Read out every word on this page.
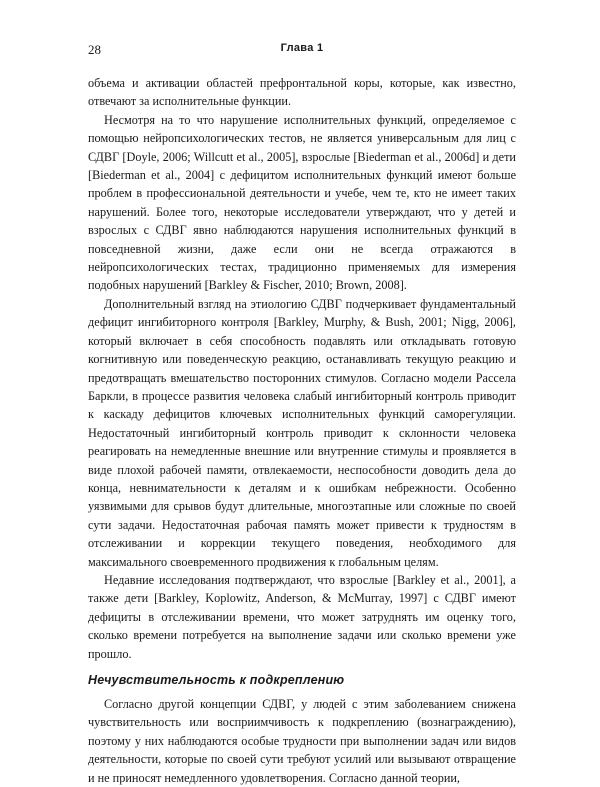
28	Глава 1

объема и активации областей префронтальной коры, которые, как известно, отвечают за исполнительные функции.

Несмотря на то что нарушение исполнительных функций, определяемое с помощью нейропсихологических тестов, не является универсальным для лиц с СДВГ [Doyle, 2006; Willcutt et al., 2005], взрослые [Biederman et al., 2006d] и дети [Biederman et al., 2004] с дефицитом исполнительных функций имеют больше проблем в профессиональной деятельности и учебе, чем те, кто не имеет таких нарушений. Более того, некоторые исследователи утверждают, что у детей и взрослых с СДВГ явно наблюдаются нарушения исполнительных функций в повседневной жизни, даже если они не всегда отражаются в нейропсихологических тестах, традиционно применяемых для измерения подобных нарушений [Barkley & Fischer, 2010; Brown, 2008].

Дополнительный взгляд на этиологию СДВГ подчеркивает фундаментальный дефицит ингибиторного контроля [Barkley, Murphy, & Bush, 2001; Nigg, 2006], который включает в себя способность подавлять или откладывать готовую когнитивную или поведенческую реакцию, останавливать текущую реакцию и предотвращать вмешательство посторонних стимулов. Согласно модели Рассела Баркли, в процессе развития человека слабый ингибиторный контроль приводит к каскаду дефицитов ключевых исполнительных функций саморегуляции. Недостаточный ингибиторный контроль приводит к склонности человека реагировать на немедленные внешние или внутренние стимулы и проявляется в виде плохой рабочей памяти, отвлекаемости, неспособности доводить дела до конца, невнимательности к деталям и к ошибкам небрежности. Особенно уязвимыми для срывов будут длительные, многоэтапные или сложные по своей сути задачи. Недостаточная рабочая память может привести к трудностям в отслеживании и коррекции текущего поведения, необходимого для максимального своевременного продвижения к глобальным целям.

Недавние исследования подтверждают, что взрослые [Barkley et al., 2001], а также дети [Barkley, Koplowitz, Anderson, & McMurray, 1997] с СДВГ имеют дефициты в отслеживании времени, что может затруднять им оценку того, сколько времени потребуется на выполнение задачи или сколько времени уже прошло.

Нечувствительность к подкреплению

Согласно другой концепции СДВГ, у людей с этим заболеванием снижена чувствительность или восприимчивость к подкреплению (вознаграждению), поэтому у них наблюдаются особые трудности при выполнении задач или видов деятельности, которые по своей сути требуют усилий или вызывают отвращение и не приносят немедленного удовлетворения. Согласно данной теории,
